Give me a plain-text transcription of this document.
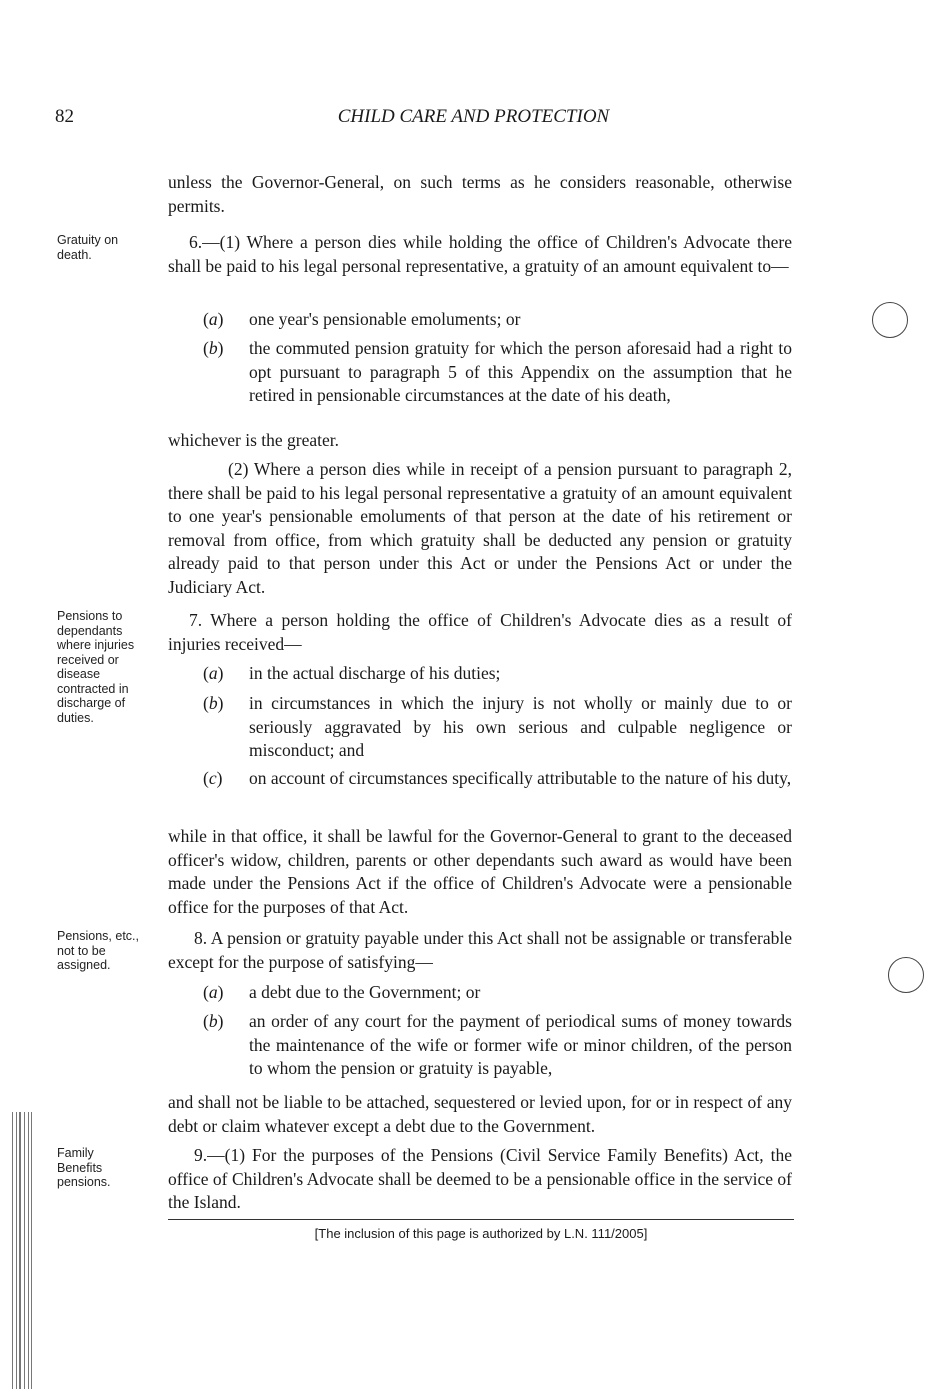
82	CHILD CARE AND PROTECTION
unless the Governor-General, on such terms as he considers reasonable, otherwise permits.
Gratuity on death.
6.—(1) Where a person dies while holding the office of Children's Advocate there shall be paid to his legal personal representative, a gratuity of an amount equivalent to—
(a)	one year's pensionable emoluments; or
(b)	the commuted pension gratuity for which the person aforesaid had a right to opt pursuant to paragraph 5 of this Appendix on the assumption that he retired in pensionable circumstances at the date of his death,
whichever is the greater.
(2) Where a person dies while in receipt of a pension pursuant to paragraph 2, there shall be paid to his legal personal representative a gratuity of an amount equivalent to one year's pensionable emoluments of that person at the date of his retirement or removal from office, from which gratuity shall be deducted any pension or gratuity already paid to that person under this Act or under the Pensions Act or under the Judiciary Act.
Pensions to dependants where injuries received or disease contracted in discharge of duties.
7. Where a person holding the office of Children's Advocate dies as a result of injuries received—
(a)	in the actual discharge of his duties;
(b)	in circumstances in which the injury is not wholly or mainly due to or seriously aggravated by his own serious and culpable negligence or misconduct; and
(c)	on account of circumstances specifically attributable to the nature of his duty,
while in that office, it shall be lawful for the Governor-General to grant to the deceased officer's widow, children, parents or other dependants such award as would have been made under the Pensions Act if the office of Children's Advocate were a pensionable office for the purposes of that Act.
Pensions, etc., not to be assigned.
8. A pension or gratuity payable under this Act shall not be assignable or transferable except for the purpose of satisfying—
(a)	a debt due to the Government; or
(b)	an order of any court for the payment of periodical sums of money towards the maintenance of the wife or former wife or minor children, of the person to whom the pension or gratuity is payable,
and shall not be liable to be attached, sequestered or levied upon, for or in respect of any debt or claim whatever except a debt due to the Government.
Family Benefits pensions.
9.—(1) For the purposes of the Pensions (Civil Service Family Benefits) Act, the office of Children's Advocate shall be deemed to be a pensionable office in the service of the Island.
[The inclusion of this page is authorized by L.N. 111/2005]
